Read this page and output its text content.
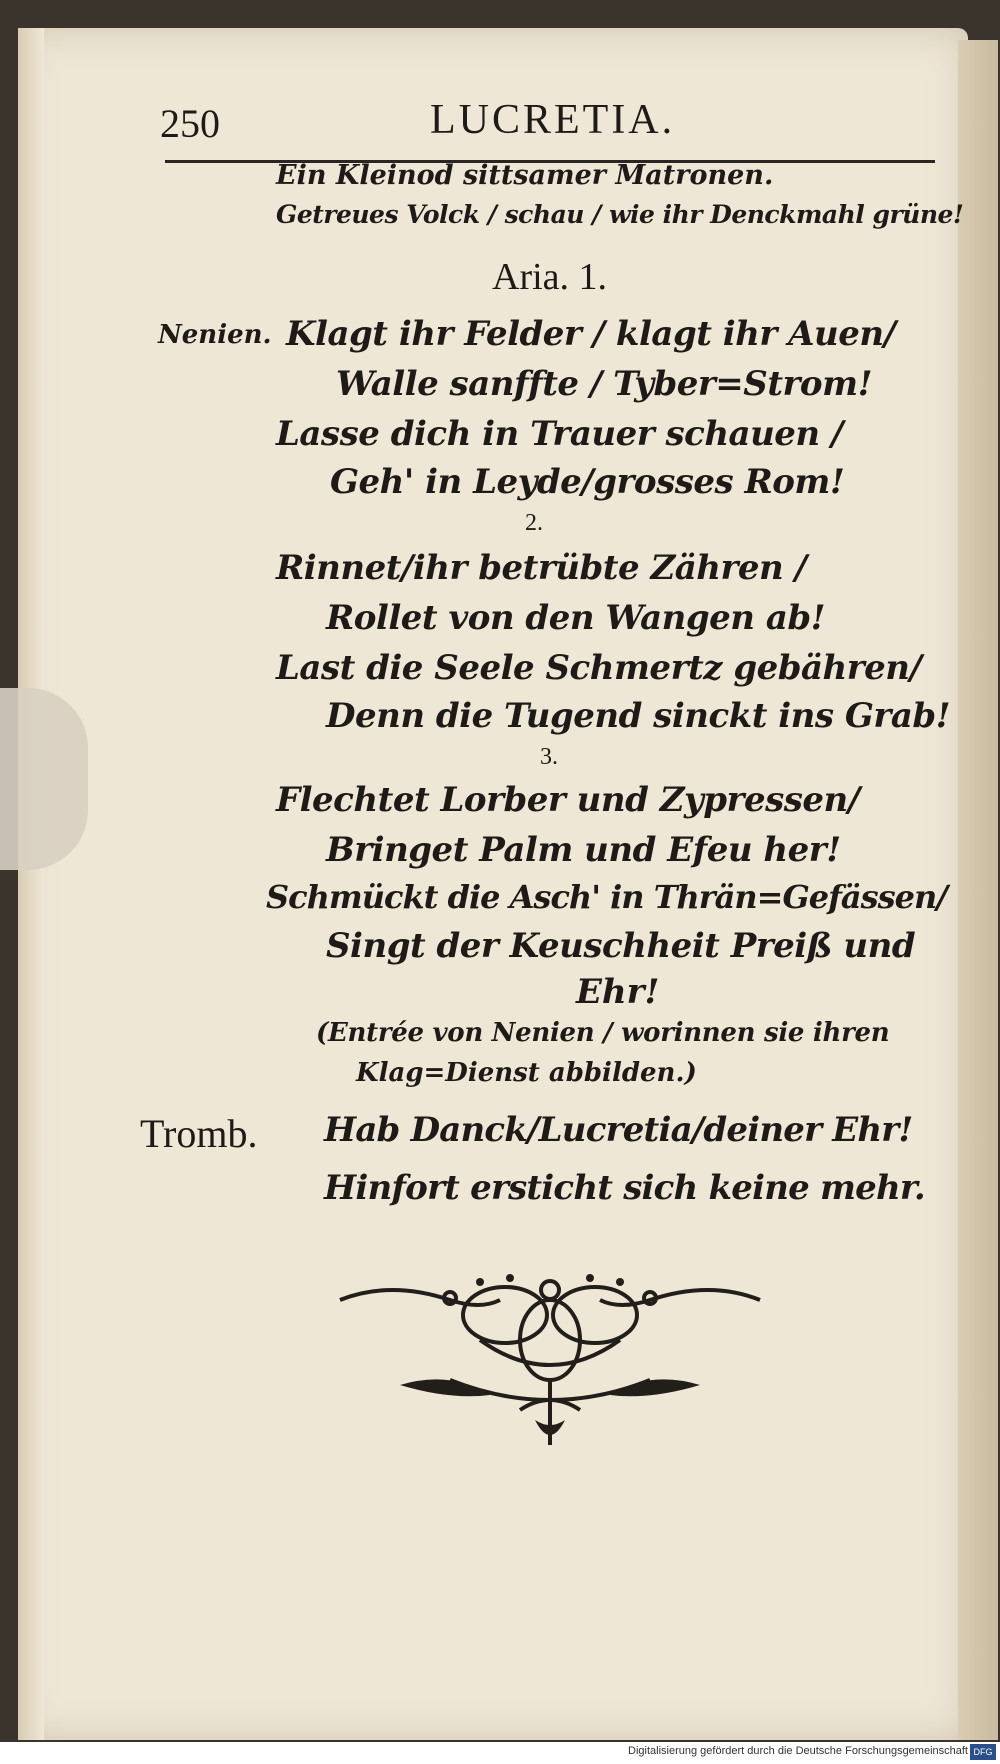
250	LUCRETIA.
Ein Kleinod sittsamer Matronen.
Getreues Volck / schau / wie ihr Denckmahl grüne!
Aria. 1.
Nenien. Klagt ihr Felder / klagt ihr Auen/
Walle sanffte / Tyber=Strom!
Lasse dich in Trauer schauen /
Geh' in Leyde/grosses Rom!
2.
Rinnet/ihr betrübte Zähren /
Rollet von den Wangen ab!
Last die Seele Schmertz gebähren/
Denn die Tugend sinckt ins Grab!
3.
Flechtet Lorber und Zypressen/
Bringet Palm und Efeu her!
Schmückt die Asch' in Thrän=Gefässen/
Singt der Keuschheit Preiß und
Ehr!
(Entrée von Nenien / worinnen sie ihren
Klag=Dienst abbilden.)
Tromb. Hab Danck/Lucretia/deiner Ehr!
Hinfort ersticht sich keine mehr.
Digitalisierung gefördert durch die Deutsche Forschungsgemeinschaft DFG
